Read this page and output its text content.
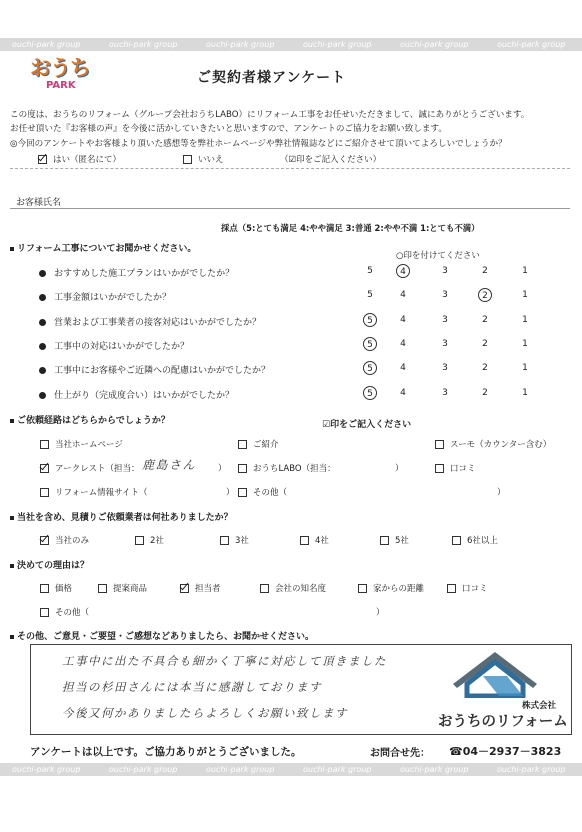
ouchi-park group	ouchi-park group	ouchi-park group	ouchi-park group	ouchi-park group	ouchi-park group
おうち
PARK	ご契約者様アンケート
この度は、おうちのリフォーム（グループ会社おうちLABO）にリフォーム工事をお任せいただきまして、誠にありがとうございます。
お任せ頂いた『お客様の声』を今後に活かしていきたいと思いますので、アンケートのご協力をお願い致します。
◎今回のアンケートやお客様より頂いた感想等を弊社ホームページや弊社情報誌などにご紹介させて頂いてよろしいでしょうか？
はい（匿名にて）	いいえ	（☑印をご記入ください）
お客様氏名
採点（5:とても満足 4:やや満足 3:普通 2:やや不満 1:とても不満）
○印を付けてください
リフォーム工事についてお聞かせください。
おすすめした施工プランはいかがでしたか？	5	4	3	2	1
工事金額はいかがでしたか？	5	4	3	2	1
営業および工事業者の接客対応はいかがでしたか？	5	4	3	2	1
工事中の対応はいかがでしたか？	5	4	3	2	1
工事中にお客様やご近隣への配慮はいかがでしたか？	5	4	3	2	1
仕上がり（完成度合い）はいかがでしたか？	5	4	3	2	1
ご依頼経路はどちらからでしょうか？	☑印をご記入ください
当社ホームページ	ご紹介	スーモ（カウンター含む）
アークレスト（担当： 鹿島さん	）	おうちLABO（担当：	）	口コミ
リフォーム情報サイト（	）	その他（	）
当社を含め、見積りご依頼業者は何社ありましたか？
当社のみ	2社	3社	4社	5社	6社以上
決めての理由は？
価格	提案商品	担当者	会社の知名度	家からの距離	口コミ
その他（	）
その他、ご意見・ご要望・ご感想などありましたら、お聞かせください。
工事中に出た不具合も細かく丁寧に対応して頂きました
担当の杉田さんには本当に感謝しております
今後又何かありましたらよろしくお願い致します	株式会社
おうちのリフォーム
アンケートは以上です。ご協力ありがとうございました。	お問合せ先： ☎04－2937－3823
ouchi-park group	ouchi-park group	ouchi-park group	ouchi-park group	ouchi-park group	ouchi-park group
